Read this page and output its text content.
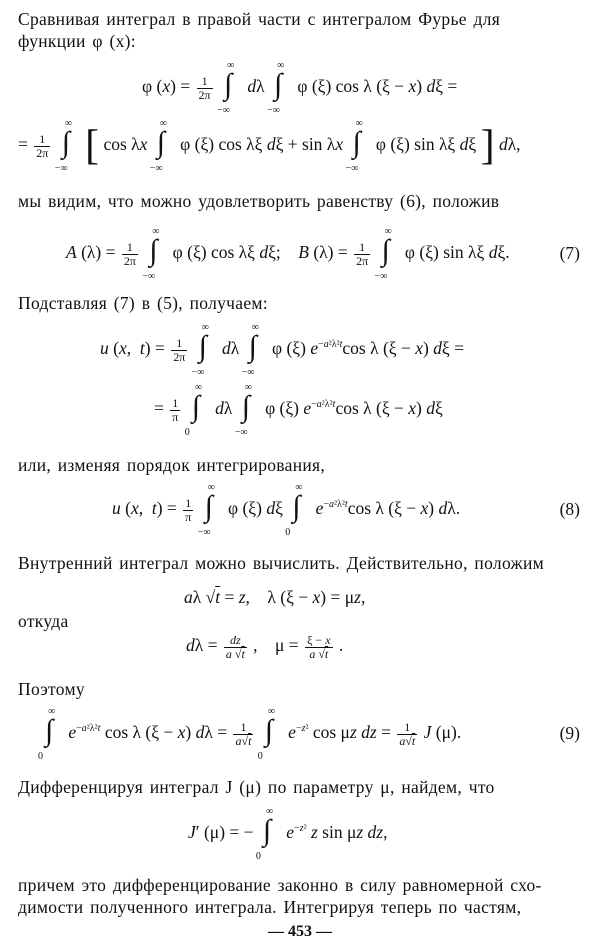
Сравнивая интеграл в правой части с интегралом Фурье для
функции φ (x):
φ $(x) = \frac{1}{2\pi}$

∞
∫
−∞
dλ
∞
∫
−∞
φ (ξ) cos λ (ξ − x) dξ =
= $\frac{1}{2\pi}$

∞
∫
−∞ [ cos λx
∞
∫
−∞
φ (ξ) cos λξ dξ + sin λx
∞
∫
−∞
φ (ξ) sin λξ dξ ] dλ,
мы видим, что можно удовлетворить равенству (6), положив
A $(\lambda) = \frac{1}{2\pi}$

∞
∫
−∞
φ (ξ) cos λξ dξ;    B $(\lambda) = \frac{1}{2\pi}$

∞
∫
−∞
φ (ξ) sin λξ dξ.	(7)
Подставляя (7) в (5), получаем:
u (x,  $t) = \frac{1}{2\pi}$

∞
∫
−∞
dλ
∞
∫
−∞
φ (ξ) $e^{-a^2\lambda^2t}\cos$ λ (ξ − x) dξ =
= $\frac{1}{\pi}$

∞
∫
0
dλ
∞
∫
−∞
φ (ξ) $e^{-a^2\lambda^2t}\cos$ λ (ξ − x) dξ
или, изменяя порядок интегрирования,
u (x,  $t) = \frac{1}{\pi}$

∞
∫
−∞
φ (ξ) dξ
∞
∫
0
$e^{-a^2\lambda^2t}\cos$ λ (ξ − x) dλ.	(8)
Внутренний интеграл можно вычислить. Действительно, положим
aλ √t = z,    λ (ξ − x) = μz,
откуда
$d\lambda = \frac{dz}{a √t}$ ,    $\mu = \frac{\xi - x}{a √t}$ .
Поэтому
∞
∫
0
$e^{-a^2\lambda^2t}$ cos λ (ξ − x) $d\lambda = \frac{1}{a√t}$

∞
∫
0
$e^{-z^2}$ cos μz dz = $\frac{1}{a√t}$ J (μ).	(9)
Дифференцируя интеграл J (μ) по параметру μ, найдем, что
J′ (μ) = −
∞
∫
0
$e^{-z^2}$ z sin μz dz,
причем это дифференцирование законно в силу равномерной схо-
димости полученного интеграла. Интегрируя теперь по частям,
— 453 —
